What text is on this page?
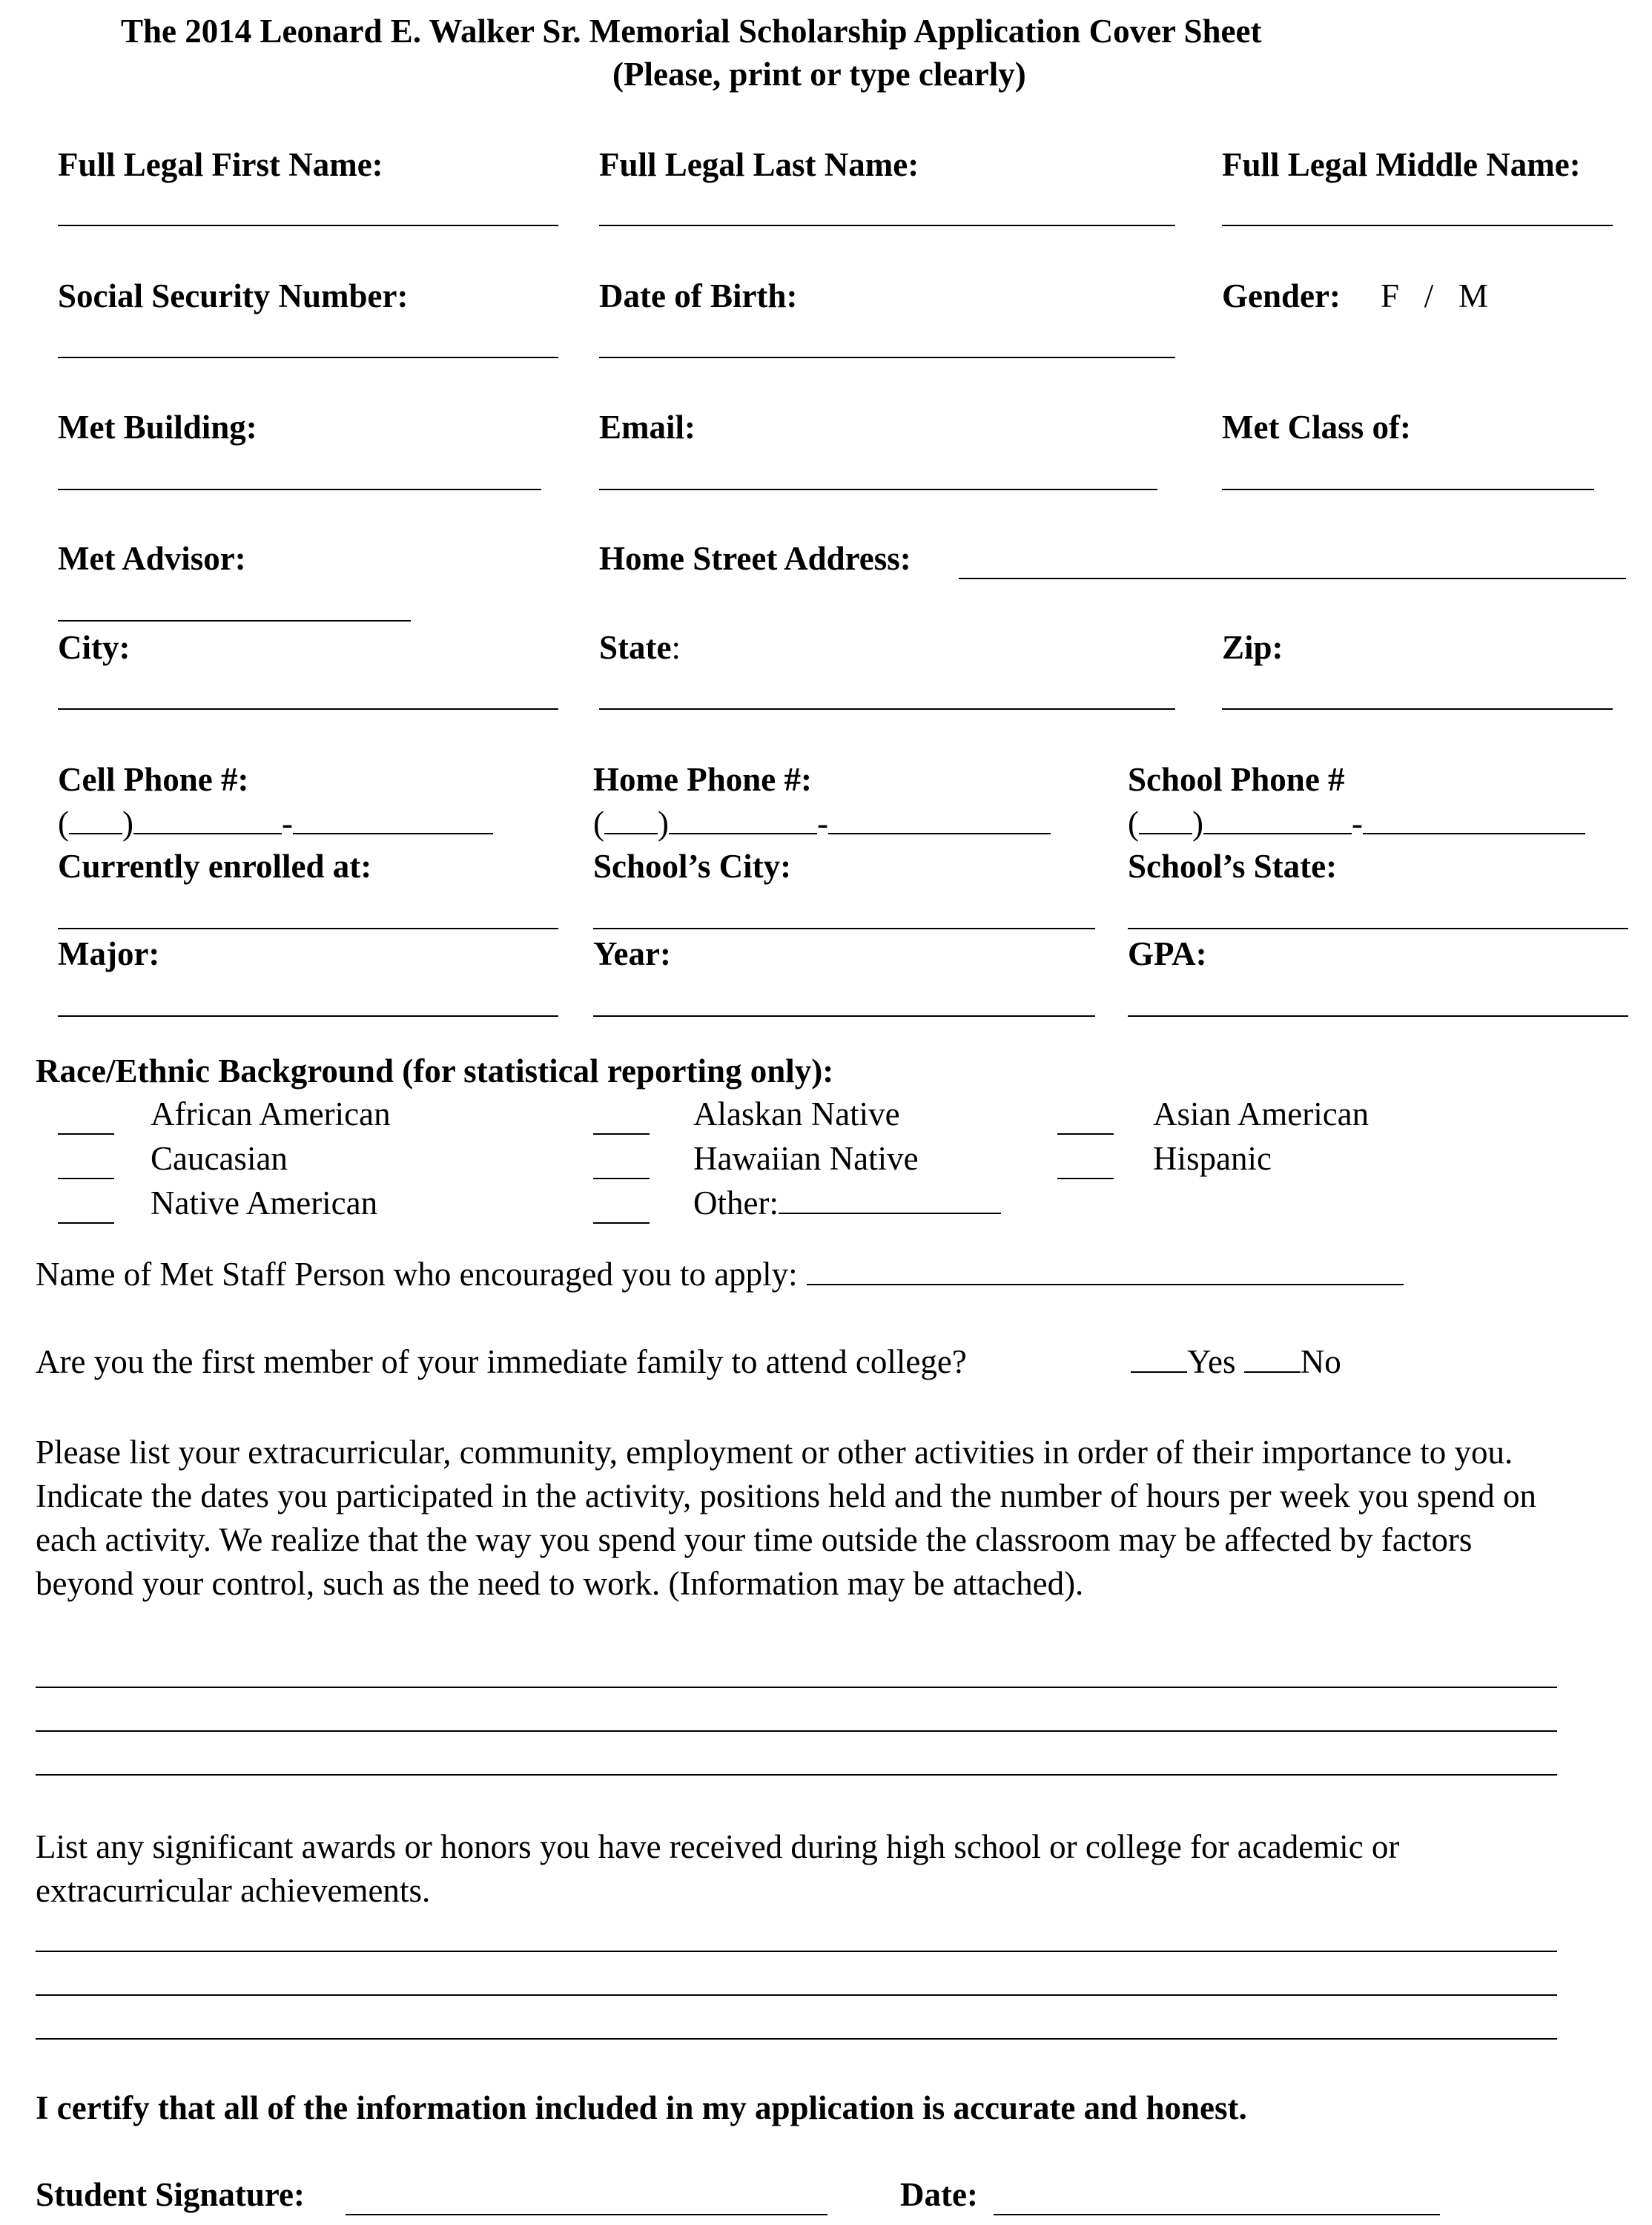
The 2014 Leonard E. Walker Sr. Memorial Scholarship Application Cover Sheet
(Please, print or type clearly)
Full Legal First Name:	Full Legal Last Name:	Full Legal Middle Name:
Social Security Number:	Date of Birth:	Gender: F   /   M
Met Building:	Email:	Met Class of:
Met Advisor:	Home Street Address:
City:	State:	Zip:
Cell Phone #:
( )	-
Home Phone #:
( )	-
School Phone #
( )	-
Currently enrolled at:	School’s City:	School’s State:
Major:	Year:	GPA:
Race/Ethnic Background (for statistical reporting only):
African American	Alaskan Native	Asian American
Caucasian	Hawaiian Native	Hispanic
Native American	Other:
Name of Met Staff Person who encouraged you to apply:
Are you the first member of your immediate family to attend college?	Yes No
Please list your extracurricular, community, employment or other activities in order of their importance to you. Indicate the dates you participated in the activity, positions held and the number of hours per week you spend on each activity. We realize that the way you spend your time outside the classroom may be affected by factors beyond your control, such as the need to work. (Information may be attached).
List any significant awards or honors you have received during high school or college for academic or extracurricular achievements.
I certify that all of the information included in my application is accurate and honest.
Student Signature:	Date:
